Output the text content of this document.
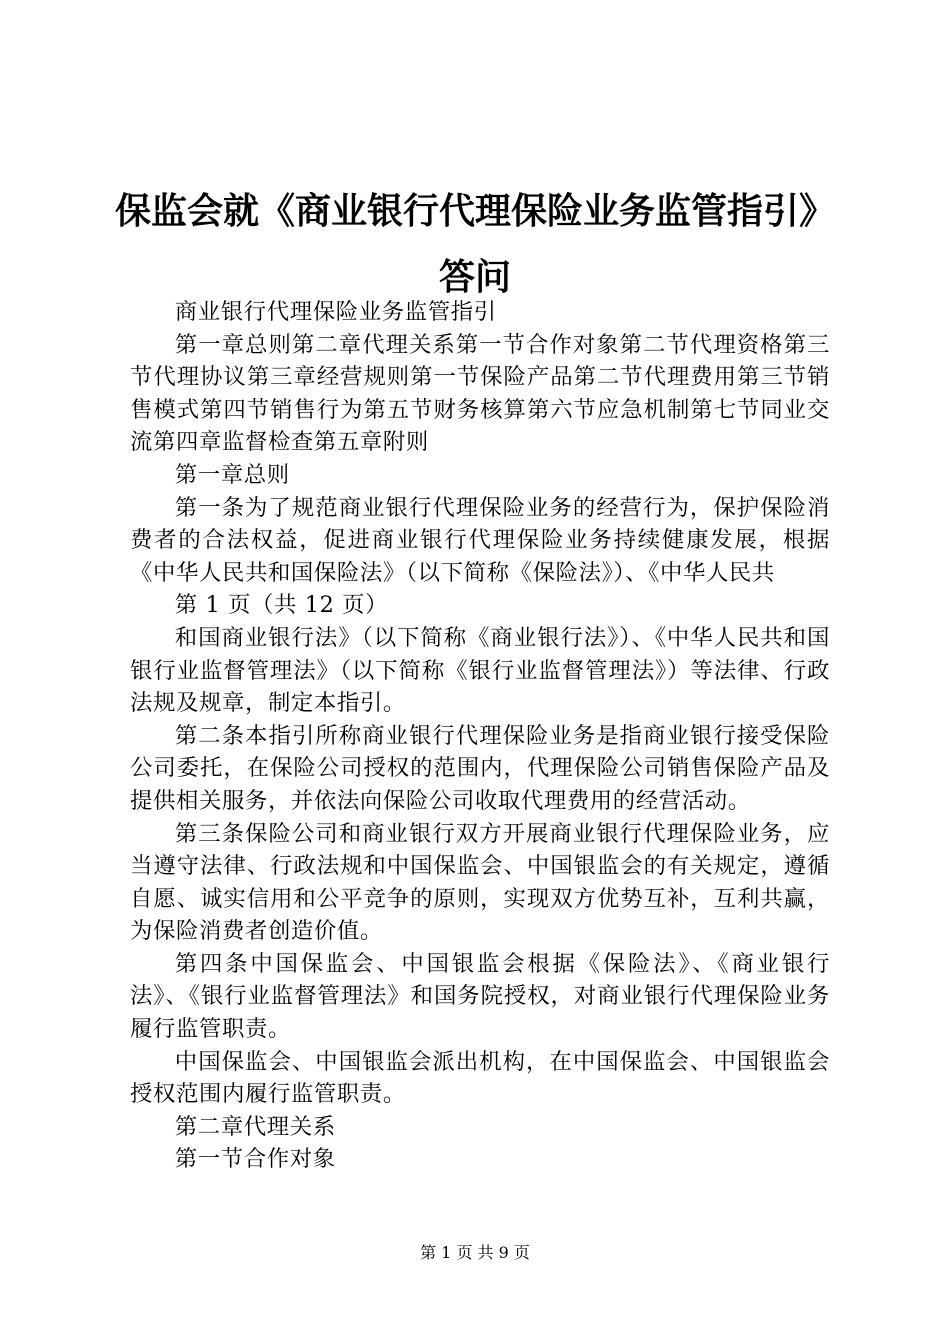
保监会就《商业银行代理保险业务监管指引》答问

商业银行代理保险业务监管指引

第一章总则第二章代理关系第一节合作对象第二节代理资格第三节代理协议第三章经营规则第一节保险产品第二节代理费用第三节销售模式第四节销售行为第五节财务核算第六节应急机制第七节同业交流第四章监督检查第五章附则

第一章总则

第一条为了规范商业银行代理保险业务的经营行为，保护保险消费者的合法权益，促进商业银行代理保险业务持续健康发展，根据《中华人民共和国保险法》（以下简称《保险法》）、《中华人民共

第 1 页（共 12 页）

和国商业银行法》（以下简称《商业银行法》）、《中华人民共和国银行业监督管理法》（以下简称《银行业监督管理法》）等法律、行政法规及规章，制定本指引。

第二条本指引所称商业银行代理保险业务是指商业银行接受保险公司委托，在保险公司授权的范围内，代理保险公司销售保险产品及提供相关服务，并依法向保险公司收取代理费用的经营活动。

第三条保险公司和商业银行双方开展商业银行代理保险业务，应当遵守法律、行政法规和中国保监会、中国银监会的有关规定，遵循自愿、诚实信用和公平竞争的原则，实现双方优势互补，互利共赢，为保险消费者创造价值。

第四条中国保监会、中国银监会根据《保险法》、《商业银行法》、《银行业监督管理法》和国务院授权，对商业银行代理保险业务履行监管职责。

中国保监会、中国银监会派出机构，在中国保监会、中国银监会授权范围内履行监管职责。

第二章代理关系

第一节合作对象

第 1 页 共 9 页
